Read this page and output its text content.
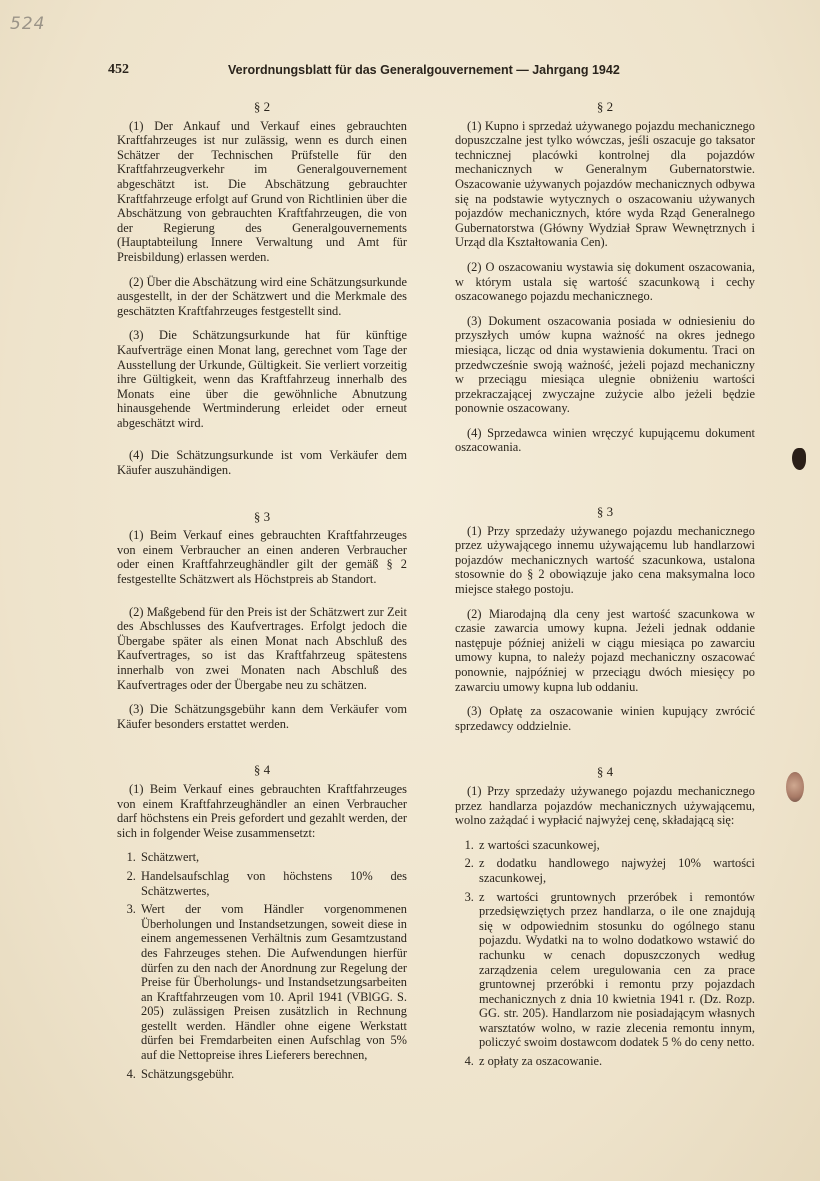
524
452	Verordnungsblatt für das Generalgouvernement — Jahrgang 1942
§ 2

(1) Der Ankauf und Verkauf eines gebrauchten Kraftfahrzeuges ist nur zulässig, wenn es durch einen Schätzer der Technischen Prüfstelle für den Kraftfahrzeugverkehr im Generalgouvernement abgeschätzt ist. Die Abschätzung gebrauchter Kraftfahrzeuge erfolgt auf Grund von Richtlinien über die Abschätzung von gebrauchten Kraftfahrzeugen, die von der Regierung des Generalgouvernements (Hauptabteilung Innere Verwaltung und Amt für Preisbildung) erlassen werden.

(2) Über die Abschätzung wird eine Schätzungsurkunde ausgestellt, in der der Schätzwert und die Merkmale des geschätzten Kraftfahrzeuges festgestellt sind.

(3) Die Schätzungsurkunde hat für künftige Kaufverträge einen Monat lang, gerechnet vom Tage der Ausstellung der Urkunde, Gültigkeit. Sie verliert vorzeitig ihre Gültigkeit, wenn das Kraftfahrzeug innerhalb des Monats eine über die gewöhnliche Abnutzung hinausgehende Wertminderung erleidet oder erneut abgeschätzt wird.

(4) Die Schätzungsurkunde ist vom Verkäufer dem Käufer auszuhändigen.

§ 3

(1) Beim Verkauf eines gebrauchten Kraftfahrzeuges von einem Verbraucher an einen anderen Verbraucher oder einen Kraftfahrzeughändler gilt der gemäß § 2 festgestellte Schätzwert als Höchstpreis ab Standort.

(2) Maßgebend für den Preis ist der Schätzwert zur Zeit des Abschlusses des Kaufvertrages. Erfolgt jedoch die Übergabe später als einen Monat nach Abschluß des Kaufvertrages, so ist das Kraftfahrzeug spätestens innerhalb von zwei Monaten nach Abschluß des Kaufvertrages oder der Übergabe neu zu schätzen.

(3) Die Schätzungsgebühr kann dem Verkäufer vom Käufer besonders erstattet werden.

§ 4

(1) Beim Verkauf eines gebrauchten Kraftfahrzeuges von einem Kraftfahrzeughändler an einen Verbraucher darf höchstens ein Preis gefordert und gezahlt werden, der sich in folgender Weise zusammensetzt:

1. Schätzwert,
2. Handelsaufschlag von höchstens 10% des Schätzwertes,
3. Wert der vom Händler vorgenommenen Überholungen und Instandsetzungen, soweit diese in einem angemessenen Verhältnis zum Gesamtzustand des Fahrzeuges stehen. Die Aufwendungen hierfür dürfen zu den nach der Anordnung zur Regelung der Preise für Überholungs- und Instandsetzungsarbeiten an Kraftfahrzeugen vom 10. April 1941 (VBlGG. S. 205) zulässigen Preisen zusätzlich in Rechnung gestellt werden. Händler ohne eigene Werkstatt dürfen bei Fremdarbeiten einen Aufschlag von 5% auf die Nettopreise ihres Lieferers berechnen,
4. Schätzungsgebühr.
§ 2

(1) Kupno i sprzedaż używanego pojazdu mechanicznego dopuszczalne jest tylko wówczas, jeśli oszacuje go taksator technicznej placówki kontrolnej dla pojazdów mechanicznych w Generalnym Gubernatorstwie. Oszacowanie używanych pojazdów mechanicznych odbywa się na podstawie wytycznych o oszacowaniu używanych pojazdów mechanicznych, które wyda Rząd Generalnego Gubernatorstwa (Główny Wydział Spraw Wewnętrznych i Urząd dla Kształtowania Cen).

(2) O oszacowaniu wystawia się dokument oszacowania, w którym ustala się wartość szacunkową i cechy oszacowanego pojazdu mechanicznego.

(3) Dokument oszacowania posiada w odniesieniu do przyszłych umów kupna ważność na okres jednego miesiąca, licząc od dnia wystawienia dokumentu. Traci on przedwcześnie swoją ważność, jeżeli pojazd mechaniczny w przeciągu miesiąca ulegnie obniżeniu wartości przekraczającej zwyczajne zużycie albo jeżeli będzie ponownie oszacowany.

(4) Sprzedawca winien wręczyć kupującemu dokument oszacowania.

§ 3

(1) Przy sprzedaży używanego pojazdu mechanicznego przez używającego innemu używającemu lub handlarzowi pojazdów mechanicznych wartość szacunkowa, ustalona stosownie do § 2 obowiązuje jako cena maksymalna loco miejsce stałego postoju.

(2) Miarodajną dla ceny jest wartość szacunkowa w czasie zawarcia umowy kupna. Jeżeli jednak oddanie następuje później aniżeli w ciągu miesiąca po zawarciu umowy kupna, to należy pojazd mechaniczny oszacować ponownie, najpóźniej w przeciągu dwóch miesięcy po zawarciu umowy kupna lub oddaniu.

(3) Opłatę za oszacowanie winien kupujący zwrócić sprzedawcy oddzielnie.

§ 4

(1) Przy sprzedaży używanego pojazdu mechanicznego przez handlarza pojazdów mechanicznych używającemu, wolno zażądać i wypłacić najwyżej cenę, składającą się:

1. z wartości szacunkowej,
2. z dodatku handlowego najwyżej 10% wartości szacunkowej,
3. z wartości gruntownych przeróbek i remontów przedsięwziętych przez handlarza, o ile one znajdują się w odpowiednim stosunku do ogólnego stanu pojazdu. Wydatki na to wolno dodatkowo wstawić do rachunku w cenach dopuszczonych według zarządzenia celem uregulowania cen za prace gruntownej przeróbki i remontu przy pojazdach mechanicznych z dnia 10 kwietnia 1941 r. (Dz. Rozp. GG. str. 205). Handlarzom nie posiadającym własnych warsztatów wolno, w razie zlecenia remontu innym, policzyć swoim dostawcom dodatek 5 % do ceny netto.
4. z opłaty za oszacowanie.
